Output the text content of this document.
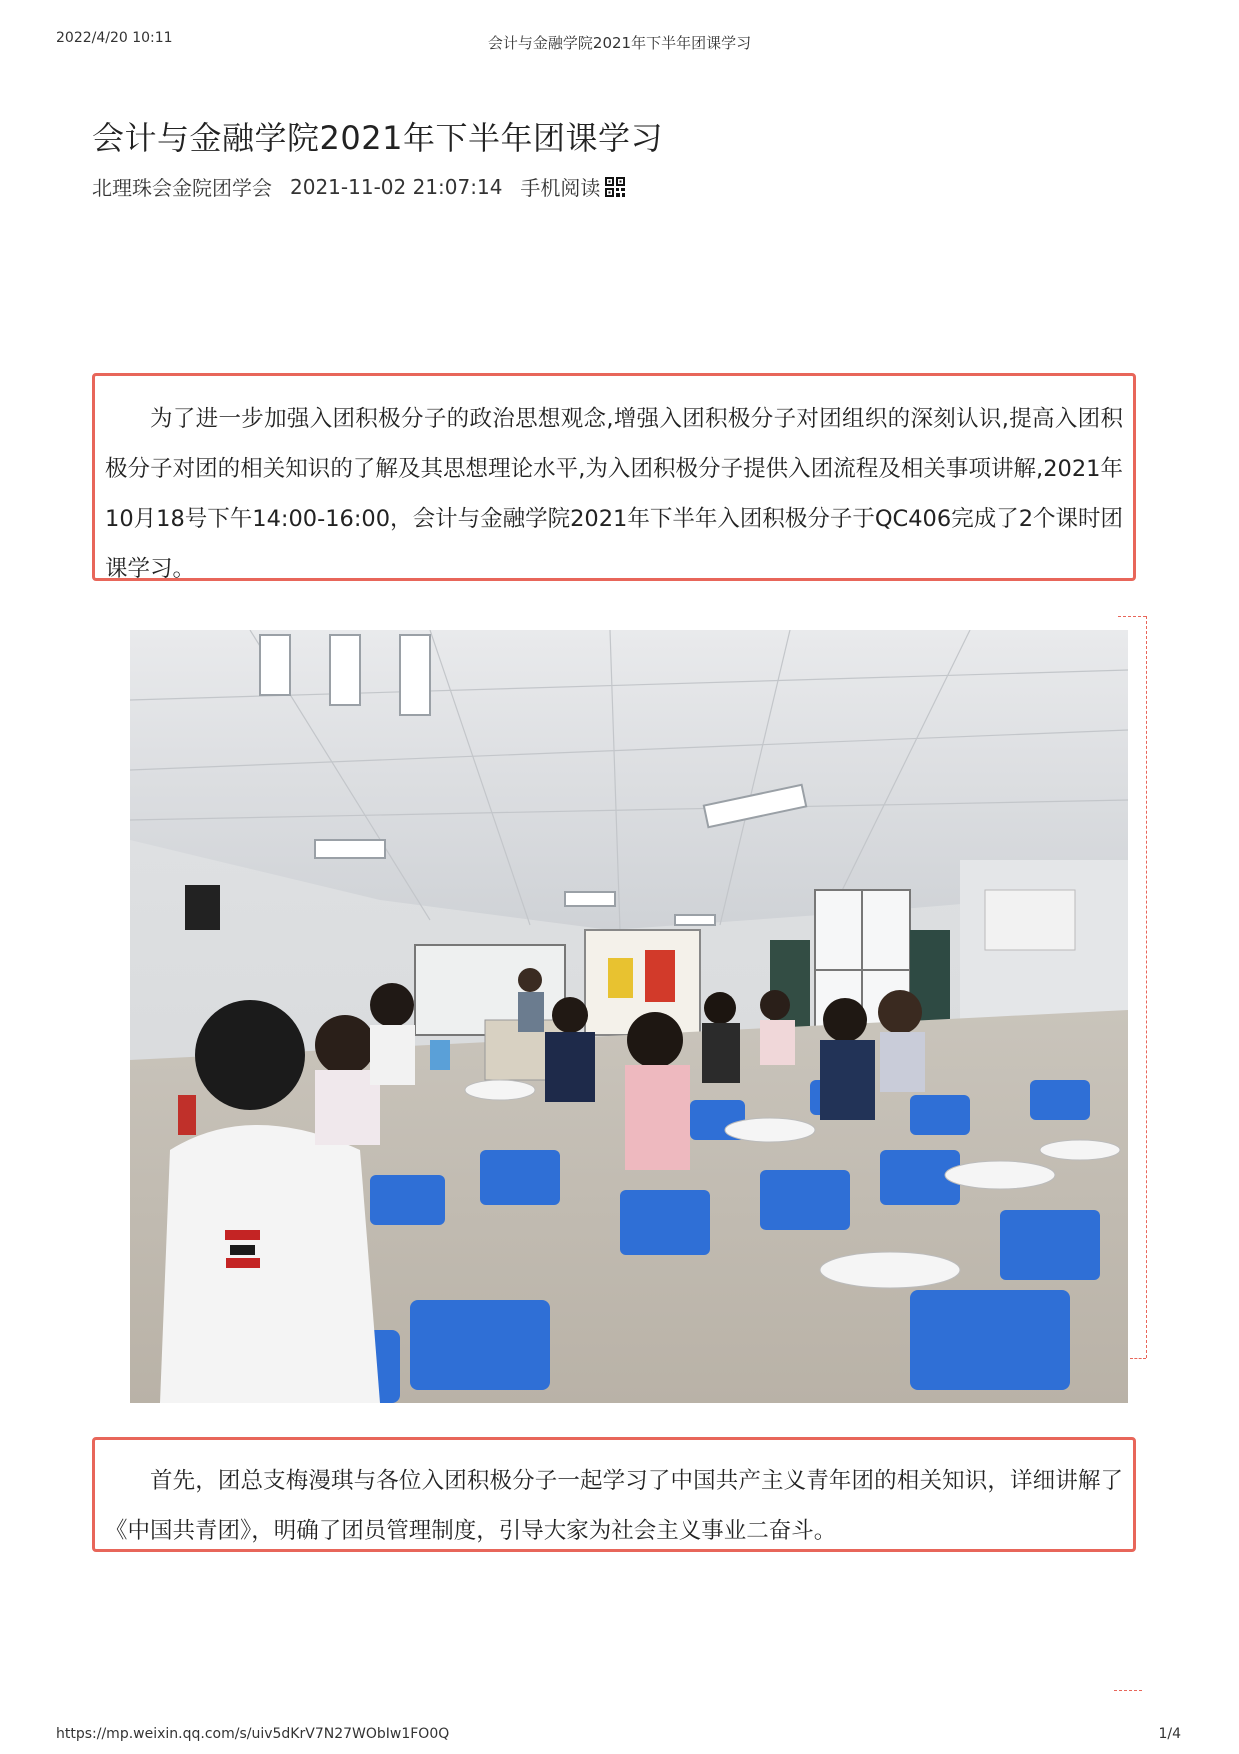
2022/4/20 10:11	会计与金融学院2021年下半年团课学习
会计与金融学院2021年下半年团课学习
北理珠会金院团学会 2021-11-02 21:07:14 手机阅读

为了进一步加强入团积极分子的政治思想观念,增强入团积极分子对团组织的深刻认识,提高入团积极分子对团的相关知识的了解及其思想理论水平,为入团积极分子提供入团流程及相关事项讲解,2021年10月18号下午14:00-16:00，会计与金融学院2021年下半年入团积极分子于QC406完成了2个课时团课学习。

首先，团总支梅漫琪与各位入团积极分子一起学习了中国共产主义青年团的相关知识，详细讲解了《中国共青团》，明确了团员管理制度，引导大家为社会主义事业二奋斗。

https://mp.weixin.qq.com/s/uiv5dKrV7N27WObIw1FO0Q	1/4
